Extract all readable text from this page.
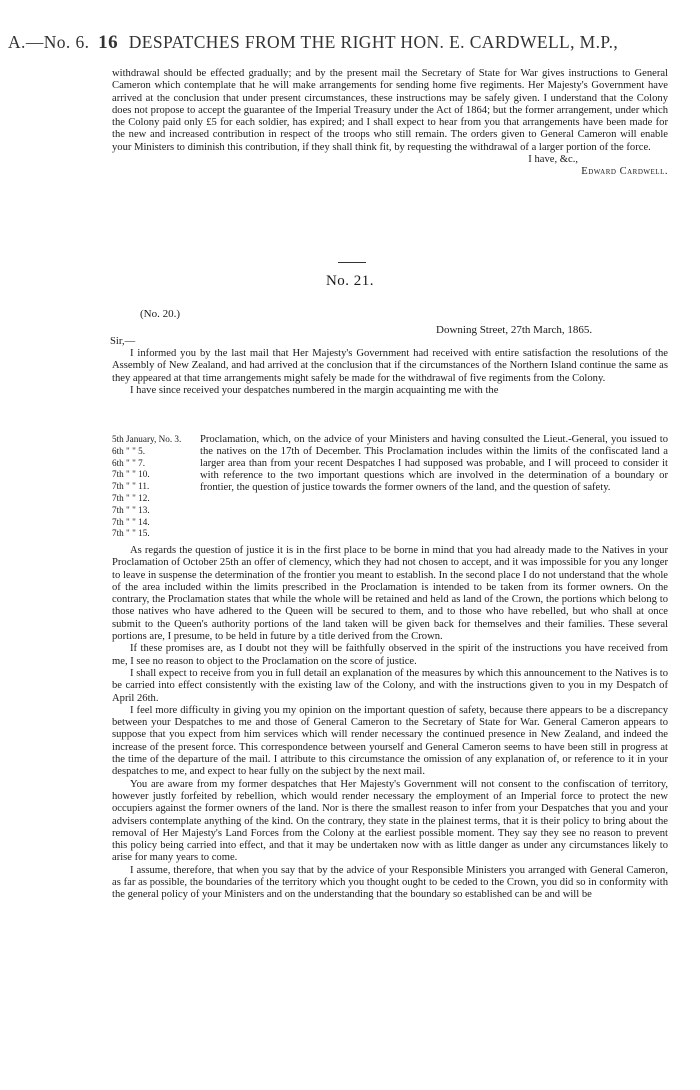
A.—No. 6. 16 DESPATCHES FROM THE RIGHT HON. E. CARDWELL, M.P.,

withdrawal should be effected gradually; and by the present mail the Secretary of State for War gives instructions to General Cameron which contemplate that he will make arrangements for sending home five regiments. Her Majesty's Government have arrived at the conclusion that under present circumstances, these instructions may be safely given. I understand that the Colony does not propose to accept the guarantee of the Imperial Treasury under the Act of 1864; but the former arrangement, under which the Colony paid only £5 for each soldier, has expired; and I shall expect to hear from you that arrangements have been made for the new and increased contribution in respect of the troops who still remain. The orders given to General Cameron will enable your Ministers to diminish this contribution, if they shall think fit, by requesting the withdrawal of a larger portion of the force.

I have, &c.,

Edward Cardwell.

No. 21.
(No. 20.)
Downing Street, 27th March, 1865.
Sir,—

I informed you by the last mail that Her Majesty's Government had received with entire satisfaction the resolutions of the Assembly of New Zealand, and had arrived at the conclusion that if the circumstances of the Northern Island continue the same as they appeared at that time arrangements might safely be made for the withdrawal of five regiments from the Colony.

I have since received your despatches numbered in the margin acquainting me with the

5th January, No. 3.
6th " " 5.
6th " " 7.
7th " " 10.
7th " " 11.
7th " " 12.
7th " " 13.
7th " " 14.
7th " " 15.
Proclamation, which, on the advice of your Ministers and having consulted the Lieut.-General, you issued to the natives on the 17th of December. This Proclamation includes within the limits of the confiscated land a larger area than from your recent Despatches I had supposed was probable, and I will proceed to consider it with reference to the two important questions which are involved in the determination of a boundary or frontier, the question of justice towards the former owners of the land, and the question of safety.

As regards the question of justice it is in the first place to be borne in mind that you had already made to the Natives in your Proclamation of October 25th an offer of clemency, which they had not chosen to accept, and it was impossible for you any longer to leave in suspense the determination of the frontier you meant to establish. In the second place I do not understand that the whole of the area included within the limits prescribed in the Proclamation is intended to be taken from its former owners. On the contrary, the Proclamation states that while the whole will be retained and held as land of the Crown, the portions which belong to those natives who have adhered to the Queen will be secured to them, and to those who have rebelled, but who shall at once submit to the Queen's authority portions of the land taken will be given back for themselves and their families. These several portions are, I presume, to be held in future by a title derived from the Crown.

If these promises are, as I doubt not they will be faithfully observed in the spirit of the instructions you have received from me, I see no reason to object to the Proclamation on the score of justice.

I shall expect to receive from you in full detail an explanation of the measures by which this announcement to the Natives is to be carried into effect consistently with the existing law of the Colony, and with the instructions given to you in my Despatch of April 26th.

I feel more difficulty in giving you my opinion on the important question of safety, because there appears to be a discrepancy between your Despatches to me and those of General Cameron to the Secretary of State for War. General Cameron appears to suppose that you expect from him services which will render necessary the continued presence in New Zealand, and indeed the increase of the present force. This correspondence between yourself and General Cameron seems to have been still in progress at the time of the departure of the mail. I attribute to this circumstance the omission of any explanation of, or reference to it in your despatches to me, and expect to hear fully on the subject by the next mail.

You are aware from my former despatches that Her Majesty's Government will not consent to the confiscation of territory, however justly forfeited by rebellion, which would render necessary the employment of an Imperial force to protect the new occupiers against the former owners of the land. Nor is there the smallest reason to infer from your Despatches that you and your advisers contemplate anything of the kind. On the contrary, they state in the plainest terms, that it is their policy to bring about the removal of Her Majesty's Land Forces from the Colony at the earliest possible moment. They say they see no reason to prevent this policy being carried into effect, and that it may be undertaken now with as little danger as under any circumstances likely to arise for many years to come.

I assume, therefore, that when you say that by the advice of your Responsible Ministers you arranged with General Cameron, as far as possible, the boundaries of the territory which you thought ought to be ceded to the Crown, you did so in conformity with the general policy of your Ministers and on the understanding that the boundary so established can be and will be
